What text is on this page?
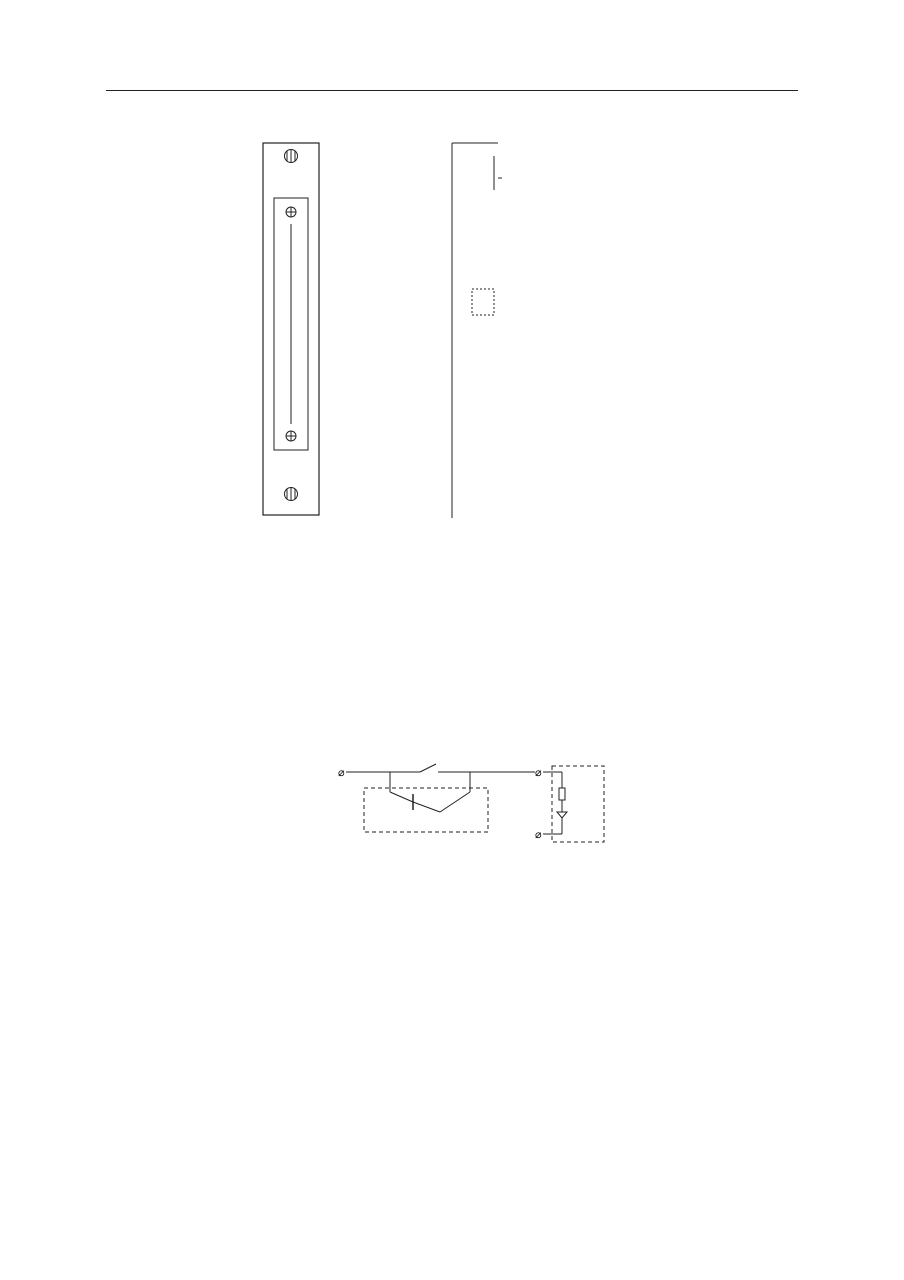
⌀	⌀
⌀
